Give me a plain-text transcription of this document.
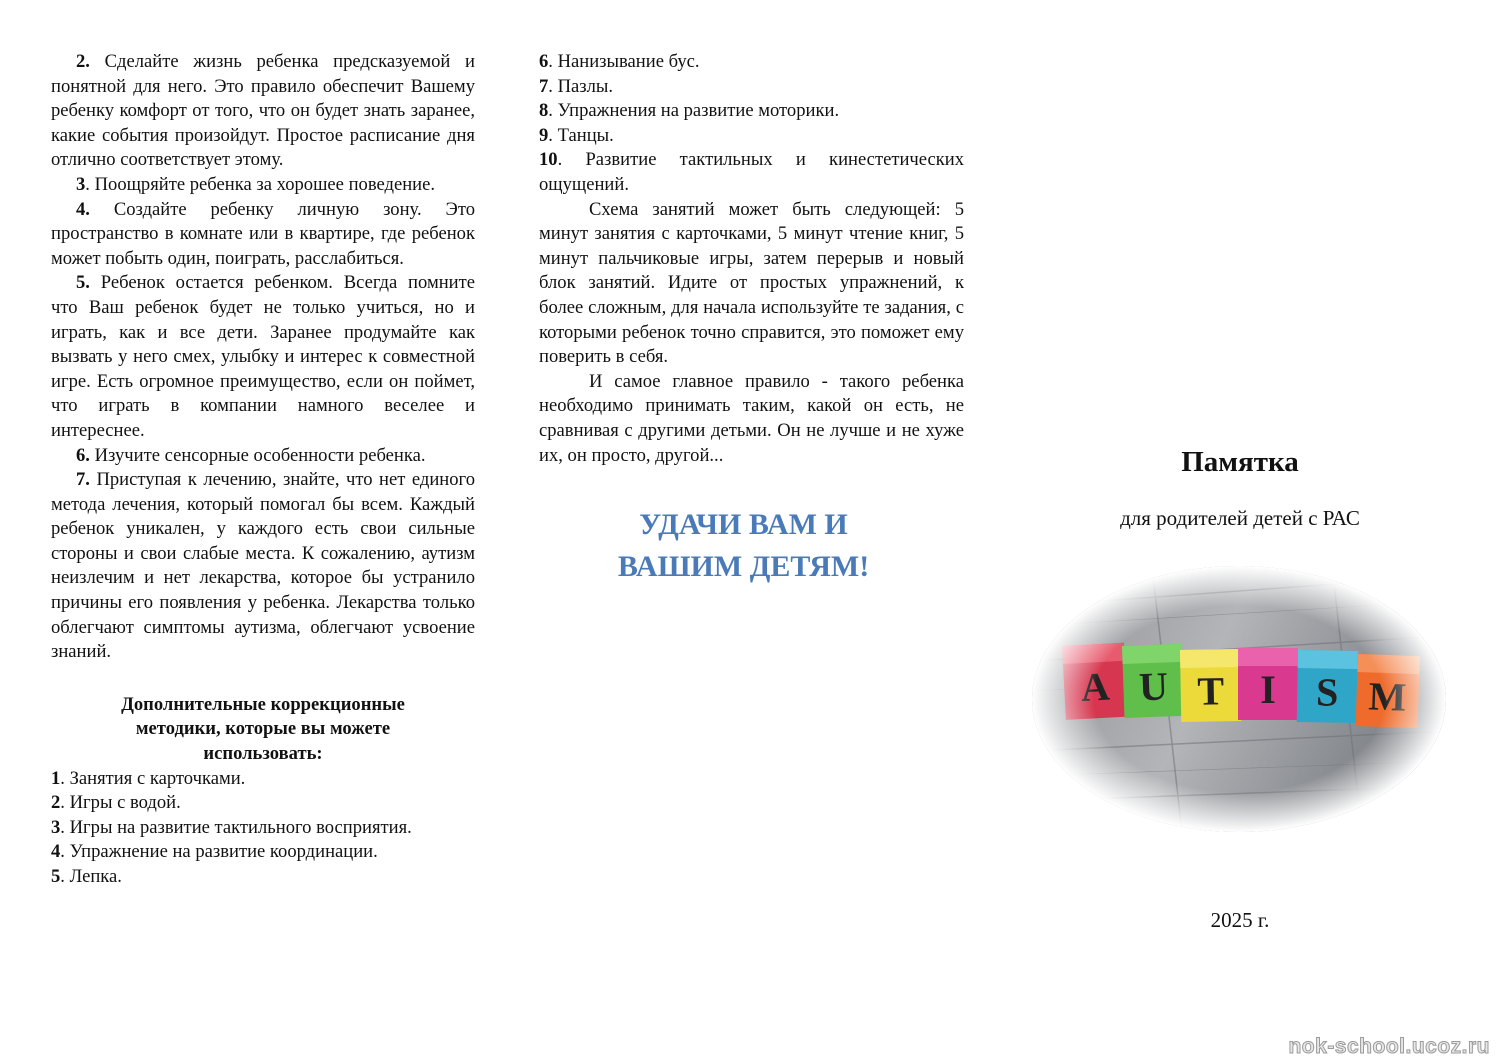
2. Сделайте жизнь ребенка предсказуемой и понятной для него. Это правило обеспечит Вашему ребенку комфорт от того, что он будет знать заранее, какие события произойдут. Простое расписание дня отлично соответствует этому.

3. Поощряйте ребенка за хорошее поведение.

4. Создайте ребенку личную зону. Это пространство в комнате или в квартире, где ребенок может побыть один, поиграть, расслабиться.

5. Ребенок остается ребенком. Всегда помните что Ваш ребенок будет не только учиться, но и играть, как и все дети. Заранее продумайте как вызвать у него смех, улыбку и интерес к совместной игре. Есть огромное преимущество, если он поймет, что играть в компании намного веселее и интереснее.

6. Изучите сенсорные особенности ребенка.

7. Приступая к лечению, знайте, что нет единого метода лечения, который помогал бы всем. Каждый ребенок уникален, у каждого есть свои сильные стороны и свои слабые места. К сожалению, аутизм неизлечим и нет лекарства, которое бы устранило причины его появления у ребенка. Лекарства только облегчают симптомы аутизма, облегчают усвоение знаний.

Дополнительные коррекционные методики, которые вы можете использовать:
1. Занятия с карточками.
2. Игры с водой.
3. Игры на развитие тактильного восприятия.
4. Упражнение на развитие координации.
5. Лепка.
6. Нанизывание бус.
7. Пазлы.
8. Упражнения на развитие моторики.
9. Танцы.
10. Развитие тактильных и кинестетических ощущений.

Схема занятий может быть следующей: 5 минут занятия с карточками, 5 минут чтение книг, 5 минут пальчиковые игры, затем перерыв и новый блок занятий. Идите от простых упражнений, к более сложным, для начала используйте те задания, с которыми ребенок точно справится, это поможет ему поверить в себя.

И самое главное правило - такого ребенка необходимо принимать таким, какой он есть, не сравнивая с другими детьми. Он не лучше и не хуже их, он просто, другой...

УДАЧИ ВАМ И
ВАШИМ ДЕТЯМ!
Памятка
для родителей детей с РАС
2025 г.
nok-school.ucoz.ru
